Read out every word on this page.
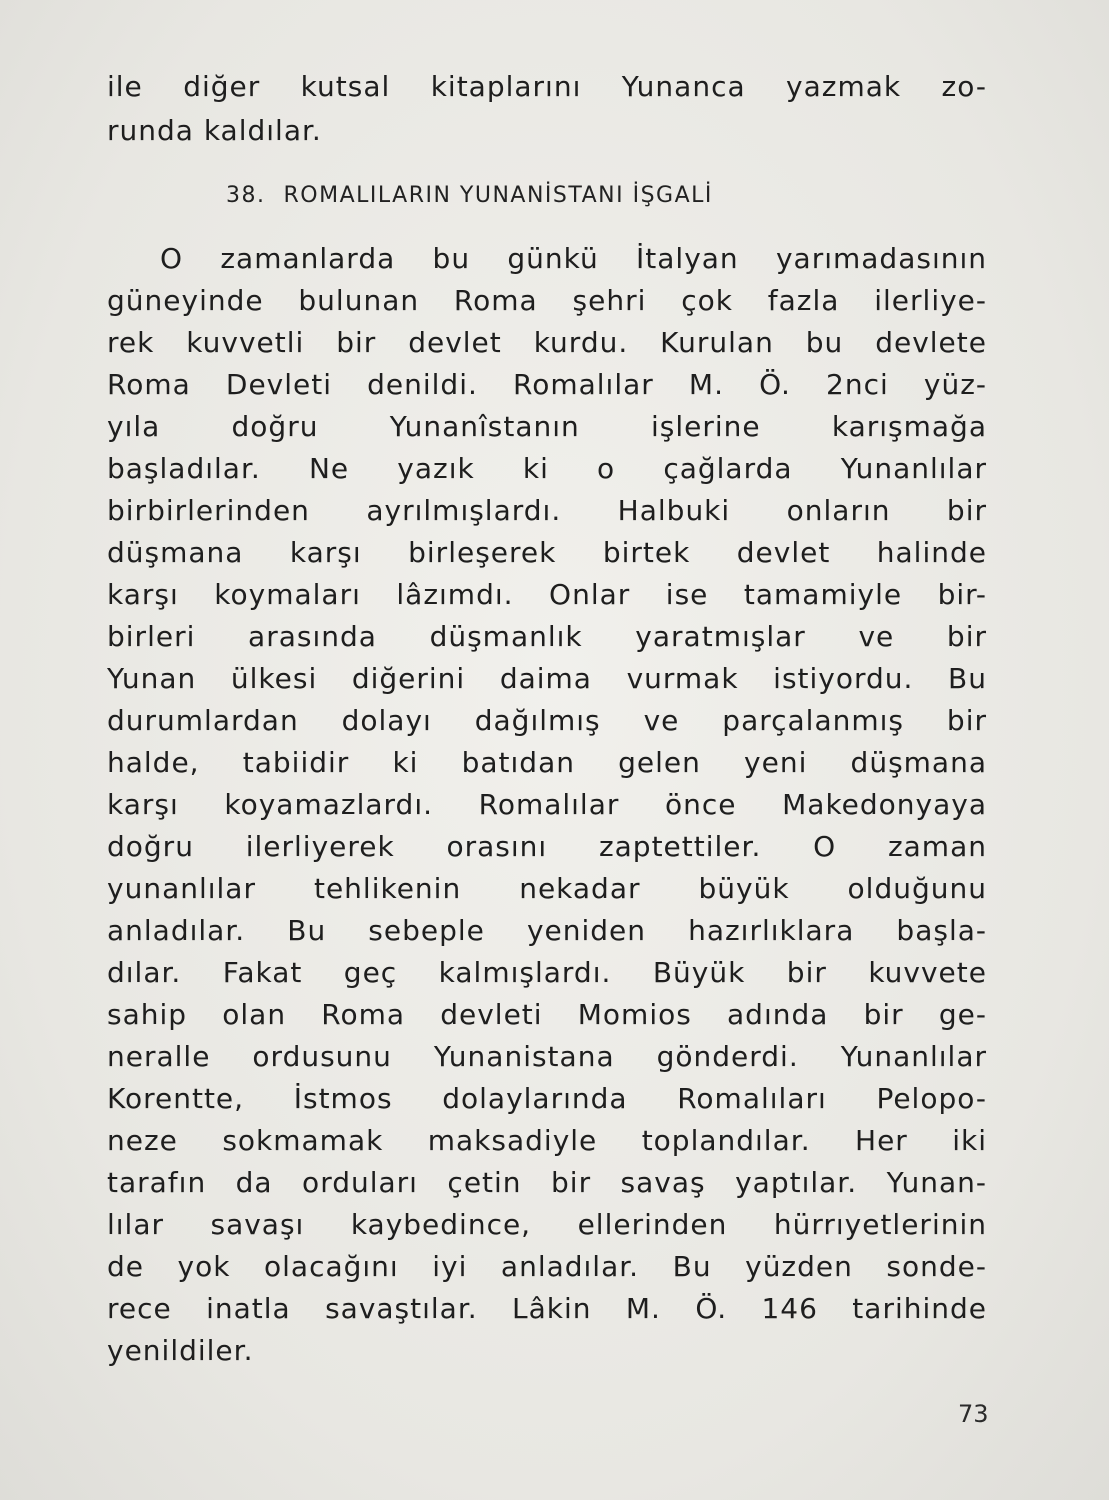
ile diğer kutsal kitaplarını Yunanca yazmak zo-
runda kaldılar.
38. ROMALILARIN YUNANİSTANI İŞGALİ
O zamanlarda bu günkü İtalyan yarımadasının
güneyinde bulunan Roma şehri çok fazla ilerliye-
rek kuvvetli bir devlet kurdu. Kurulan bu devlete
Roma Devleti denildi. Romalılar M. Ö. 2nci yüz-
yıla doğru Yunanîstanın işlerine karışmağa
başladılar. Ne yazık ki o çağlarda Yunanlılar
birbirlerinden ayrılmışlardı. Halbuki onların bir
düşmana karşı birleşerek birtek devlet halinde
karşı koymaları lâzımdı. Onlar ise tamamiyle bir-
birleri arasında düşmanlık yaratmışlar ve bir
Yunan ülkesi diğerini daima vurmak istiyordu. Bu
durumlardan dolayı dağılmış ve parçalanmış bir
halde, tabiidir ki batıdan gelen yeni düşmana
karşı koyamazlardı. Romalılar önce Makedonyaya
doğru ilerliyerek orasını zaptettiler. O zaman
yunanlılar tehlikenin nekadar büyük olduğunu
anladılar. Bu sebeple yeniden hazırlıklara başla-
dılar. Fakat geç kalmışlardı. Büyük bir kuvvete
sahip olan Roma devleti Momios adında bir ge-
neralle ordusunu Yunanistana gönderdi. Yunanlılar
Korentte, İstmos dolaylarında Romalıları Pelopo-
neze sokmamak maksadiyle toplandılar. Her iki
tarafın da orduları çetin bir savaş yaptılar. Yunan-
lılar savaşı kaybedince, ellerinden hürrıyetlerinin
de yok olacağını iyi anladılar. Bu yüzden sonde-
rece inatla savaştılar. Lâkin M. Ö. 146 tarihinde
yenildiler.
73
